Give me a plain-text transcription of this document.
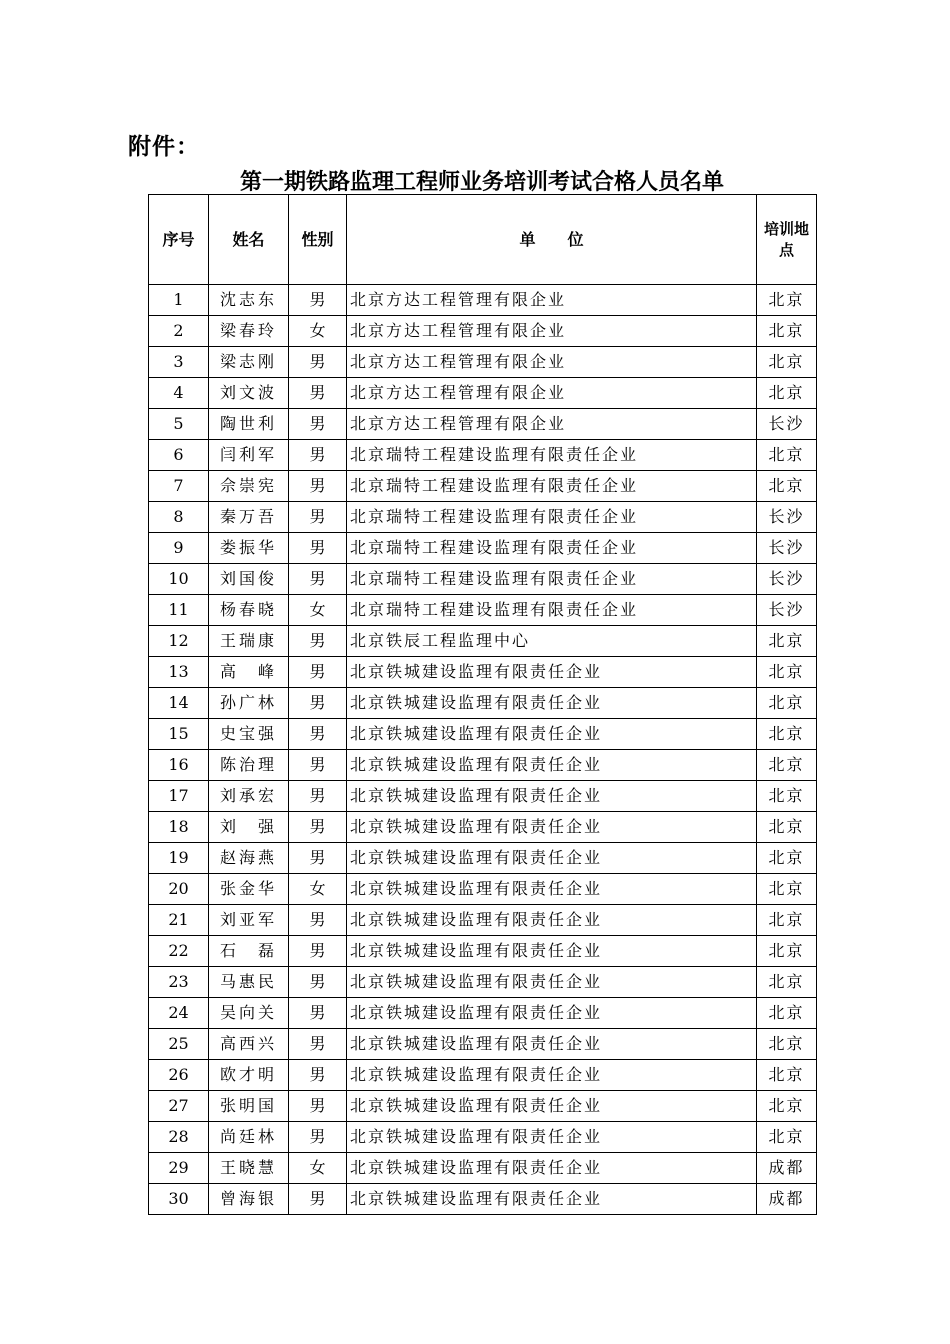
附件：
第一期铁路监理工程师业务培训考试合格人员名单
序号	姓名	性别	单　　位	培训地点
1	沈志东	男	北京方达工程管理有限企业	北京
2	梁春玲	女	北京方达工程管理有限企业	北京
3	梁志刚	男	北京方达工程管理有限企业	北京
4	刘文波	男	北京方达工程管理有限企业	北京
5	陶世利	男	北京方达工程管理有限企业	长沙
6	闫利军	男	北京瑞特工程建设监理有限责任企业	北京
7	佘崇宪	男	北京瑞特工程建设监理有限责任企业	北京
8	秦万吾	男	北京瑞特工程建设监理有限责任企业	长沙
9	娄振华	男	北京瑞特工程建设监理有限责任企业	长沙
10	刘国俊	男	北京瑞特工程建设监理有限责任企业	长沙
11	杨春晓	女	北京瑞特工程建设监理有限责任企业	长沙
12	王瑞康	男	北京铁辰工程监理中心	北京
13	高　峰	男	北京铁城建设监理有限责任企业	北京
14	孙广林	男	北京铁城建设监理有限责任企业	北京
15	史宝强	男	北京铁城建设监理有限责任企业	北京
16	陈治理	男	北京铁城建设监理有限责任企业	北京
17	刘承宏	男	北京铁城建设监理有限责任企业	北京
18	刘　强	男	北京铁城建设监理有限责任企业	北京
19	赵海燕	男	北京铁城建设监理有限责任企业	北京
20	张金华	女	北京铁城建设监理有限责任企业	北京
21	刘亚军	男	北京铁城建设监理有限责任企业	北京
22	石　磊	男	北京铁城建设监理有限责任企业	北京
23	马惠民	男	北京铁城建设监理有限责任企业	北京
24	吴向关	男	北京铁城建设监理有限责任企业	北京
25	高西兴	男	北京铁城建设监理有限责任企业	北京
26	欧才明	男	北京铁城建设监理有限责任企业	北京
27	张明国	男	北京铁城建设监理有限责任企业	北京
28	尚廷林	男	北京铁城建设监理有限责任企业	北京
29	王晓慧	女	北京铁城建设监理有限责任企业	成都
30	曾海银	男	北京铁城建设监理有限责任企业	成都
